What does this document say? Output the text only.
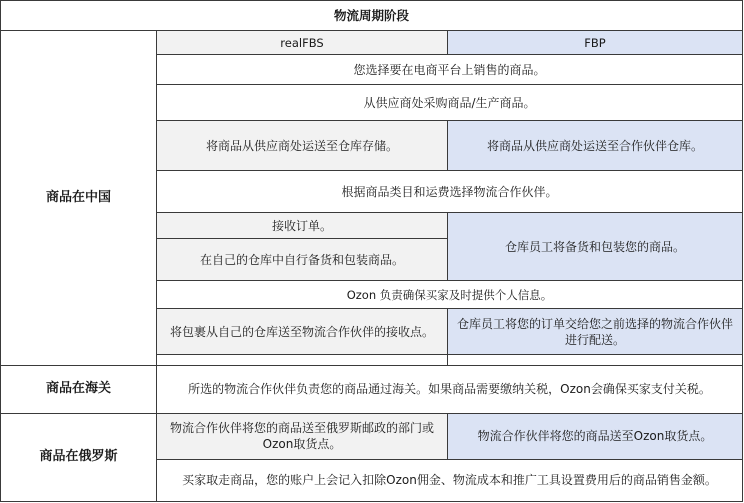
物流周期阶段		
商品在中国	realFBS	FBP
	您选择要在电商平台上销售的商品。	
	从供应商处采购商品/生产商品。	
	将商品从供应商处运送至仓库存储。	将商品从供应商处运送至合作伙伴仓库。
	根据商品类目和运费选择物流合作伙伴。	
	接收订单。	仓库员工将备货和包装您的商品。
	在自己的仓库中自行备货和包装商品。	
	Ozon 负责确保买家及时提供个人信息。	
	将包裹从自己的仓库送至物流合作伙伴的接收点。	仓库员工将您的订单交给您之前选择的物流合作伙伴进行配送。

商品在海关	所选的物流合作伙伴负责您的商品通过海关。如果商品需要缴纳关税，Ozon会确保买家支付关税。	
商品在俄罗斯	物流合作伙伴将您的商品送至俄罗斯邮政的部门或Ozon取货点。	物流合作伙伴将您的商品送至Ozon取货点。
	买家取走商品，您的账户上会记入扣除Ozon佣金、物流成本和推广工具设置费用后的商品销售金额。	
